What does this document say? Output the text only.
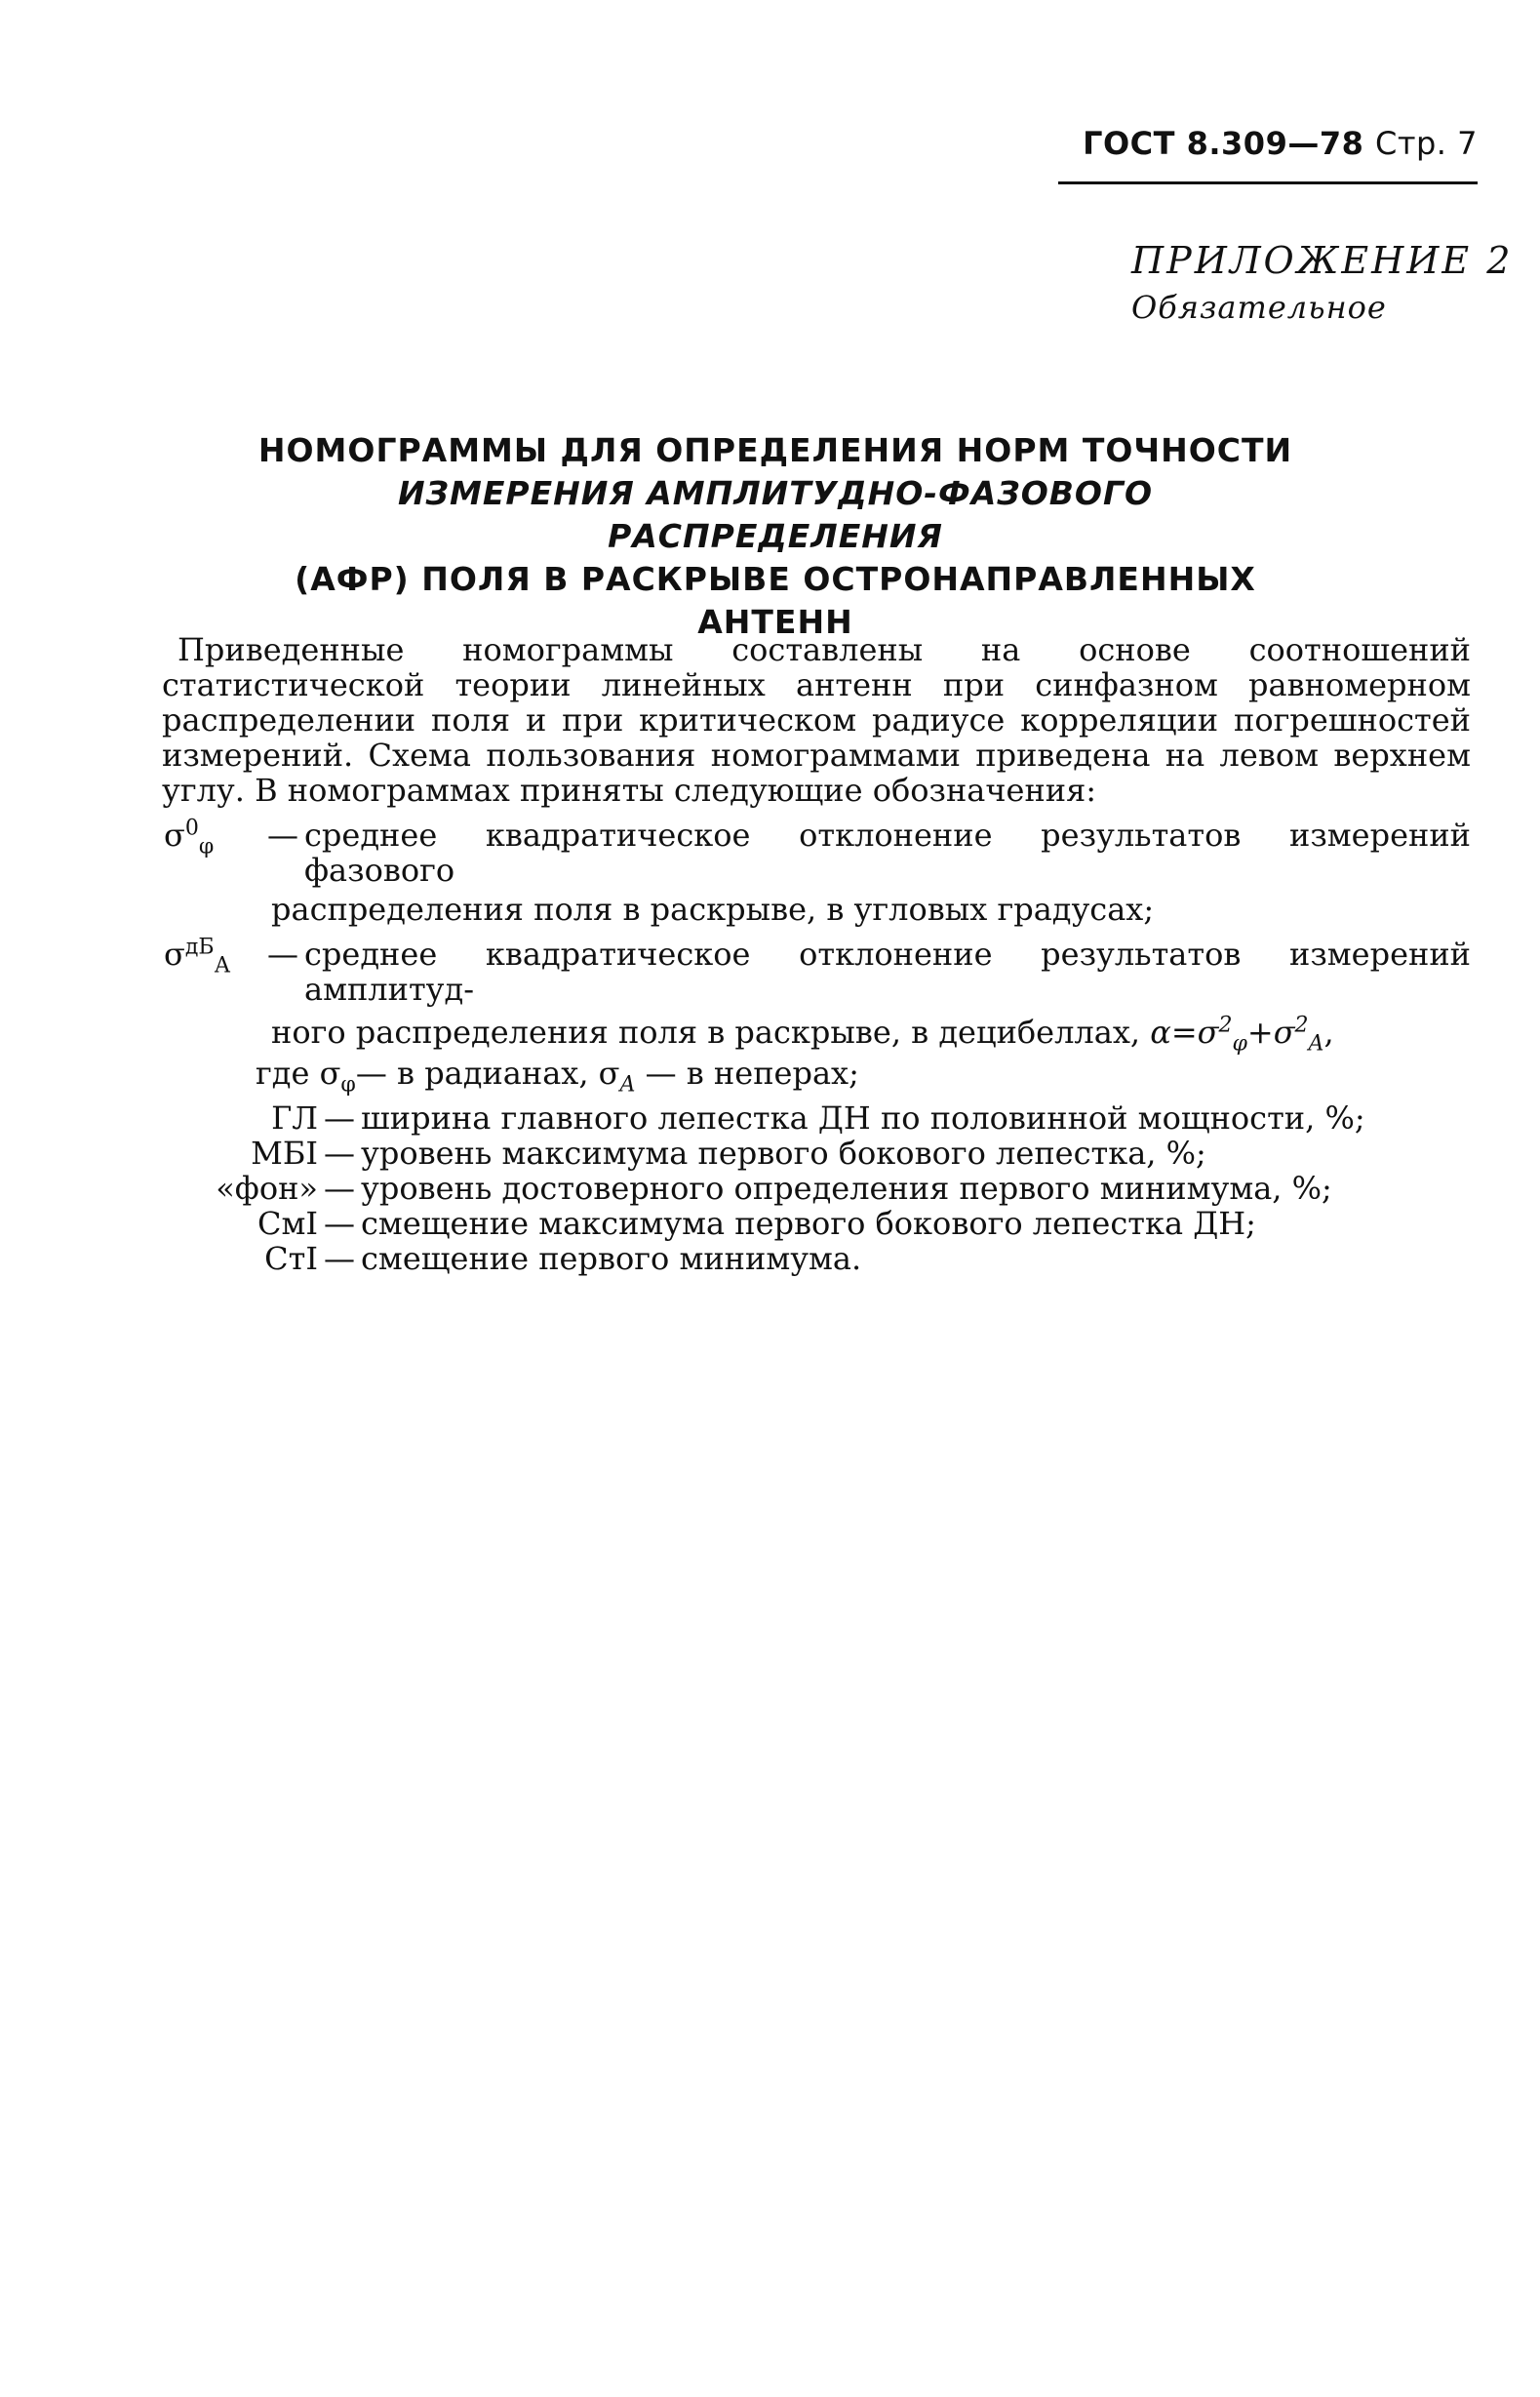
ГОСТ 8.309—78 Стр. 7
ПРИЛОЖЕНИЕ 2
Обязательное
НОМОГРАММЫ ДЛЯ ОПРЕДЕЛЕНИЯ НОРМ ТОЧНОСТИ
ИЗМЕРЕНИЯ АМПЛИТУДНО-ФАЗОВОГО РАСПРЕДЕЛЕНИЯ
(АФР) ПОЛЯ В РАСКРЫВЕ ОСТРОНАПРАВЛЕННЫХ
АНТЕНН
Приведенные номограммы составлены на основе соотношений статистической теории линейных антенн при синфазном равномерном распределении поля и при критическом радиусе корреляции погрешностей измерений. Схема пользования номограммами приведена на левом верхнем углу. В номограммах приняты следующие обозначения:
$\sigma^0_\varphi$	— среднее квадратическое отклонение результатов измерений фазового
распределения поля в раскрыве, в угловых градусах;
$\sigma^{дБ}_А$	— среднее квадратическое отклонение результатов измерений амплитуд-
ного распределения поля в раскрыве, в децибеллах, $\alpha=\sigma^2_\varphi+\sigma^2_A$,
где $\sigma_\varphi—$ в радианах, $\sigma_A$ — в неперах;
ГЛ — ширина главного лепестка ДН по половинной мощности, %;
МБI — уровень максимума первого бокового лепестка, %;
«фон» — уровень достоверного определения первого минимума, %;
СмI — смещение максимума первого бокового лепестка ДН;
СтI — смещение первого минимума.
